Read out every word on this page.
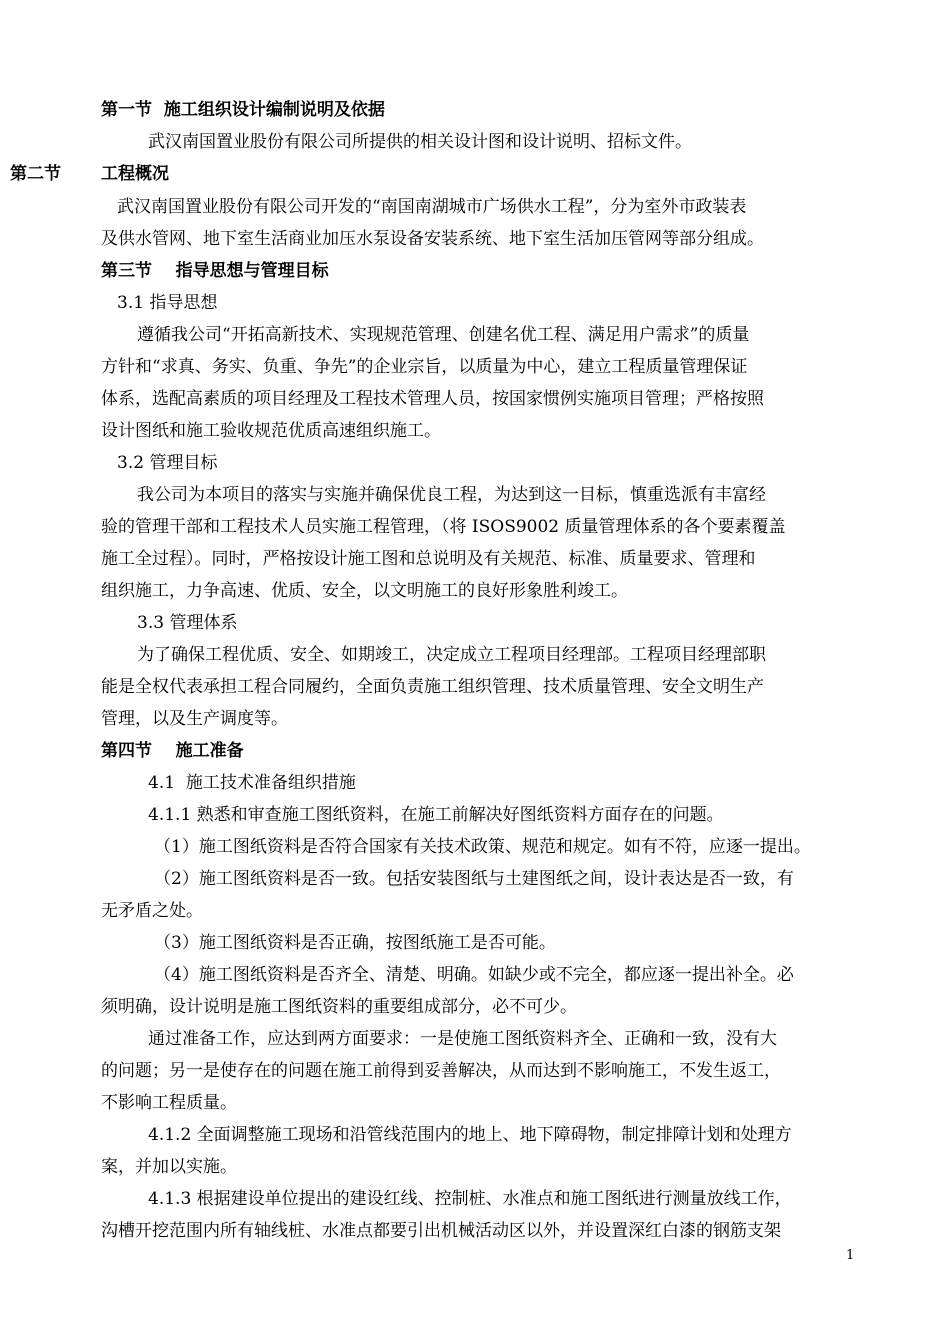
第一节  施工组织设计编制说明及依据
武汉南国置业股份有限公司所提供的相关设计图和设计说明、招标文件。
第二节 工程概况
武汉南国置业股份有限公司开发的“南国南湖城市广场供水工程”，分为室外市政装表
及供水管网、地下室生活商业加压水泵设备安装系统、地下室生活加压管网等部分组成。
第三节    指导思想与管理目标
3.1 指导思想
遵循我公司“开拓高新技术、实现规范管理、创建名优工程、满足用户需求”的质量
方针和“求真、务实、负重、争先”的企业宗旨，以质量为中心，建立工程质量管理保证
体系，选配高素质的项目经理及工程技术管理人员，按国家惯例实施项目管理；严格按照
设计图纸和施工验收规范优质高速组织施工。
3.2 管理目标
我公司为本项目的落实与实施并确保优良工程，为达到这一目标，慎重选派有丰富经
验的管理干部和工程技术人员实施工程管理，（将 ISOS9002 质量管理体系的各个要素覆盖
施工全过程）。同时，严格按设计施工图和总说明及有关规范、标准、质量要求、管理和
组织施工，力争高速、优质、安全，以文明施工的良好形象胜利竣工。
3.3 管理体系
为了确保工程优质、安全、如期竣工，决定成立工程项目经理部。工程项目经理部职
能是全权代表承担工程合同履约，全面负责施工组织管理、技术质量管理、安全文明生产
管理，以及生产调度等。
第四节    施工准备
4.1  施工技术准备组织措施
4.1.1 熟悉和审查施工图纸资料，在施工前解决好图纸资料方面存在的问题。
（1）施工图纸资料是否符合国家有关技术政策、规范和规定。如有不符，应逐一提出。
（2）施工图纸资料是否一致。包括安装图纸与土建图纸之间，设计表达是否一致，有
无矛盾之处。
（3）施工图纸资料是否正确，按图纸施工是否可能。
（4）施工图纸资料是否齐全、清楚、明确。如缺少或不完全，都应逐一提出补全。必
须明确，设计说明是施工图纸资料的重要组成部分，必不可少。
通过准备工作，应达到两方面要求：一是使施工图纸资料齐全、正确和一致，没有大
的问题；另一是使存在的问题在施工前得到妥善解决，从而达到不影响施工，不发生返工，
不影响工程质量。
4.1.2 全面调整施工现场和沿管线范围内的地上、地下障碍物，制定排障计划和处理方
案，并加以实施。
4.1.3 根据建设单位提出的建设红线、控制桩、水准点和施工图纸进行测量放线工作，
沟槽开挖范围内所有轴线桩、水准点都要引出机械活动区以外，并设置深红白漆的钢筋支架
1
